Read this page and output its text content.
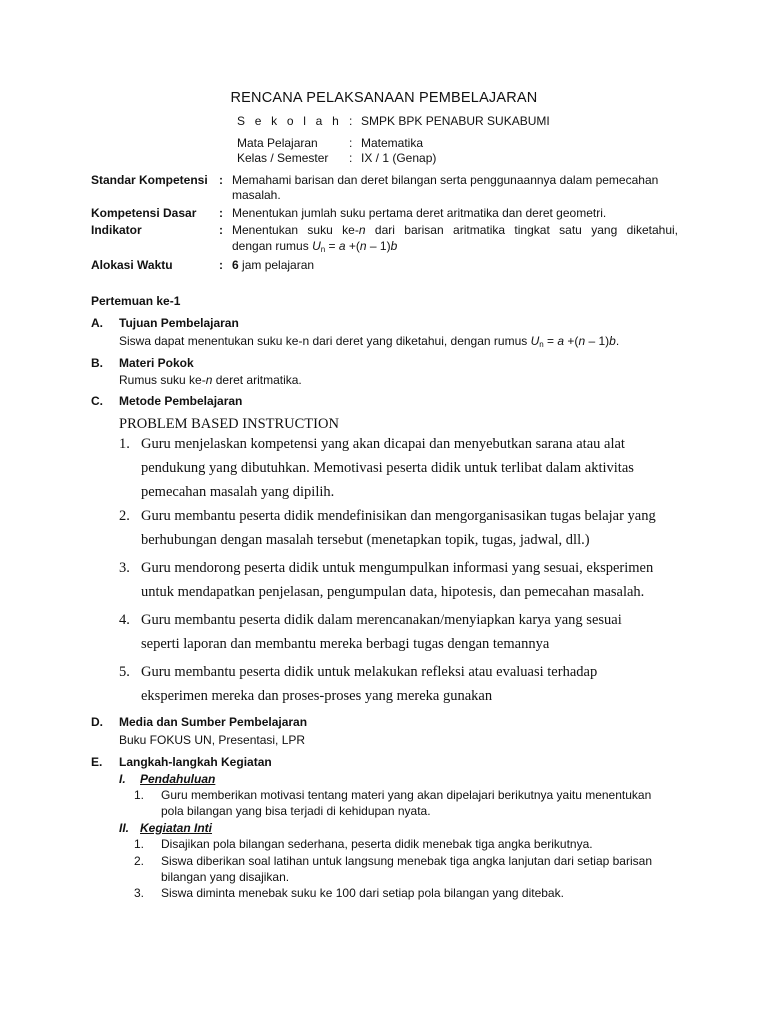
RENCANA PELAKSANAAN PEMBELAJARAN
S e k o l a h : SMPK BPK PENABUR SUKABUMI
Mata Pelajaran	: Matematika
Kelas / Semester : IX / 1 (Genap)
Standar Kompetensi : Memahami barisan dan deret bilangan serta penggunaannya dalam pemecahan
masalah.
Kompetensi Dasar : Menentukan jumlah suku pertama deret aritmatika dan deret geometri.
Indikator	: Menentukan suku ke-n dari barisan aritmatika tingkat satu yang diketahui,
dengan rumus $U_n = a +(n - 1)b$
Alokasi Waktu	: 6 jam pelajaran
Pertemuan ke-1
A. Tujuan Pembelajaran
Siswa dapat menentukan suku ke-n dari deret yang diketahui, dengan rumus $U_n = a +(n - 1)b$.
B. Materi Pokok
Rumus suku ke-n deret aritmatika.
C. Metode Pembelajaran
PROBLEM BASED INSTRUCTION
1. Guru menjelaskan kompetensi yang akan dicapai dan menyebutkan sarana atau alat
pendukung yang dibutuhkan. Memotivasi peserta didik untuk terlibat dalam aktivitas
pemecahan masalah yang dipilih.
2. Guru membantu peserta didik mendefinisikan dan mengorganisasikan tugas belajar yang
berhubungan dengan masalah tersebut (menetapkan topik, tugas, jadwal, dll.)
3. Guru mendorong peserta didik untuk mengumpulkan informasi yang sesuai, eksperimen
untuk mendapatkan penjelasan, pengumpulan data, hipotesis, dan pemecahan masalah.
4. Guru membantu peserta didik dalam merencanakan/menyiapkan karya yang sesuai
seperti laporan dan membantu mereka berbagi tugas dengan temannya
5. Guru membantu peserta didik untuk melakukan refleksi atau evaluasi terhadap
eksperimen mereka dan proses-proses yang mereka gunakan
D. Media dan Sumber Pembelajaran
Buku FOKUS UN, Presentasi, LPR
E. Langkah-langkah Kegiatan
I. Pendahuluan
1.	Guru memberikan motivasi tentang materi yang akan dipelajari berikutnya yaitu menentukan
pola bilangan yang bisa terjadi di kehidupan nyata.
II. Kegiatan Inti
1.	Disajikan pola bilangan sederhana, peserta didik menebak tiga angka berikutnya.
2.	Siswa diberikan soal latihan untuk langsung menebak tiga angka lanjutan dari setiap barisan
bilangan yang disajikan.
3.	Siswa diminta menebak suku ke 100 dari setiap pola bilangan yang ditebak.
